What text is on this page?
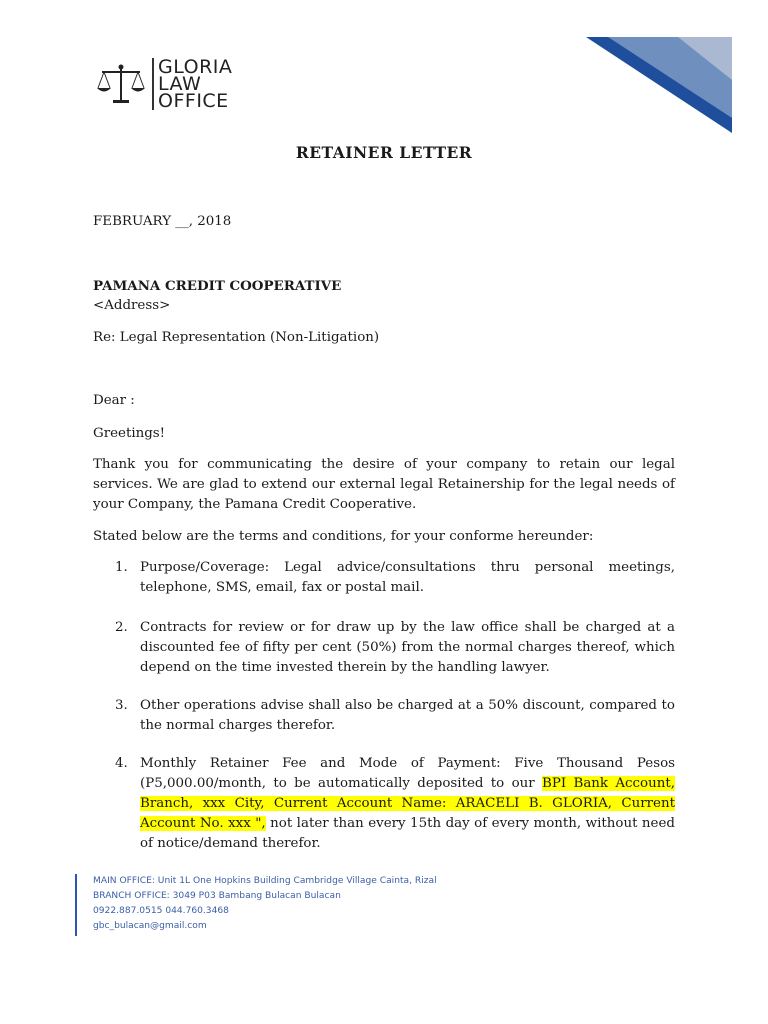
GLORIA
LAW
OFFICE
RETAINER LETTER
FEBRUARY __, 2018
PAMANA CREDIT COOPERATIVE
<Address>
Re: Legal Representation (Non-Litigation)
Dear :
Greetings!
Thank you for communicating the desire of your company to retain our legal services. We are glad to extend our external legal Retainership for the legal needs of your Company, the Pamana Credit Cooperative.
Stated below are the terms and conditions, for your conforme hereunder:
1. Purpose/Coverage: Legal advice/consultations thru personal meetings, telephone, SMS, email, fax or postal mail.
2. Contracts for review or for draw up by the law office shall be charged at a discounted fee of fifty per cent (50%) from the normal charges thereof, which depend on the time invested therein by the handling lawyer.
3. Other operations advise shall also be charged at a 50% discount, compared to the normal charges therefor.
4. Monthly Retainer Fee and Mode of Payment: Five Thousand Pesos (P5,000.00/month, to be automatically deposited to our BPI Bank Account, Branch, xxx City, Current Account Name: ARACELI B. GLORIA, Current Account No. xxx ", not later than every 15th day of every month, without need of notice/demand therefor.
MAIN OFFICE: Unit 1L One Hopkins Building Cambridge Village Cainta, Rizal
BRANCH OFFICE: 3049 P03 Bambang Bulacan Bulacan
0922.887.0515 044.760.3468
gbc_bulacan@gmail.com
